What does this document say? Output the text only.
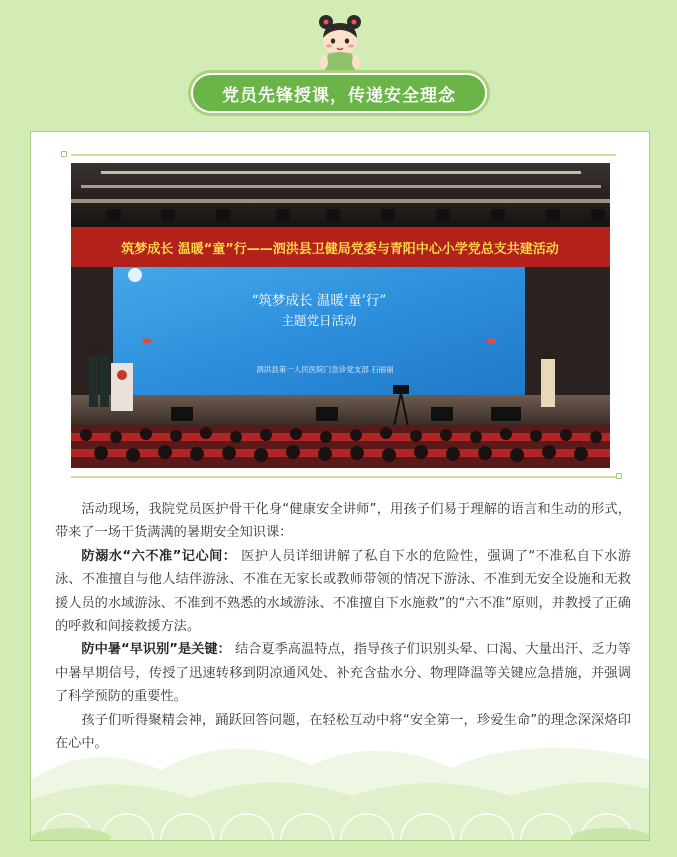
党员先锋授课，传递安全理念
筑梦成长 温暖“童”行——泗洪县卫健局党委与青阳中心小学党总支共建活动
“筑梦成长 温暖‘童’行”
主题党日活动
泗洪县第一人民医院门急诊党支部 石丽丽

活动现场，我院党员医护骨干化身“健康安全讲师”，用孩子们易于理解的语言和生动的形式，带来了一场干货满满的暑期安全知识课：

防溺水“六不准”记心间： 医护人员详细讲解了私自下水的危险性，强调了“不准私自下水游泳、不准擅自与他人结伴游泳、不准在无家长或教师带领的情况下游泳、不准到无安全设施和无救援人员的水域游泳、不准到不熟悉的水域游泳、不准擅自下水施救”的“六不准”原则，并教授了正确的呼救和间接救援方法。

防中暑“早识别”是关键： 结合夏季高温特点，指导孩子们识别头晕、口渴、大量出汗、乏力等中暑早期信号，传授了迅速转移到阴凉通风处、补充含盐水分、物理降温等关键应急措施，并强调了科学预防的重要性。

孩子们听得聚精会神，踊跃回答问题，在轻松互动中将“安全第一，珍爱生命”的理念深深烙印在心中。
